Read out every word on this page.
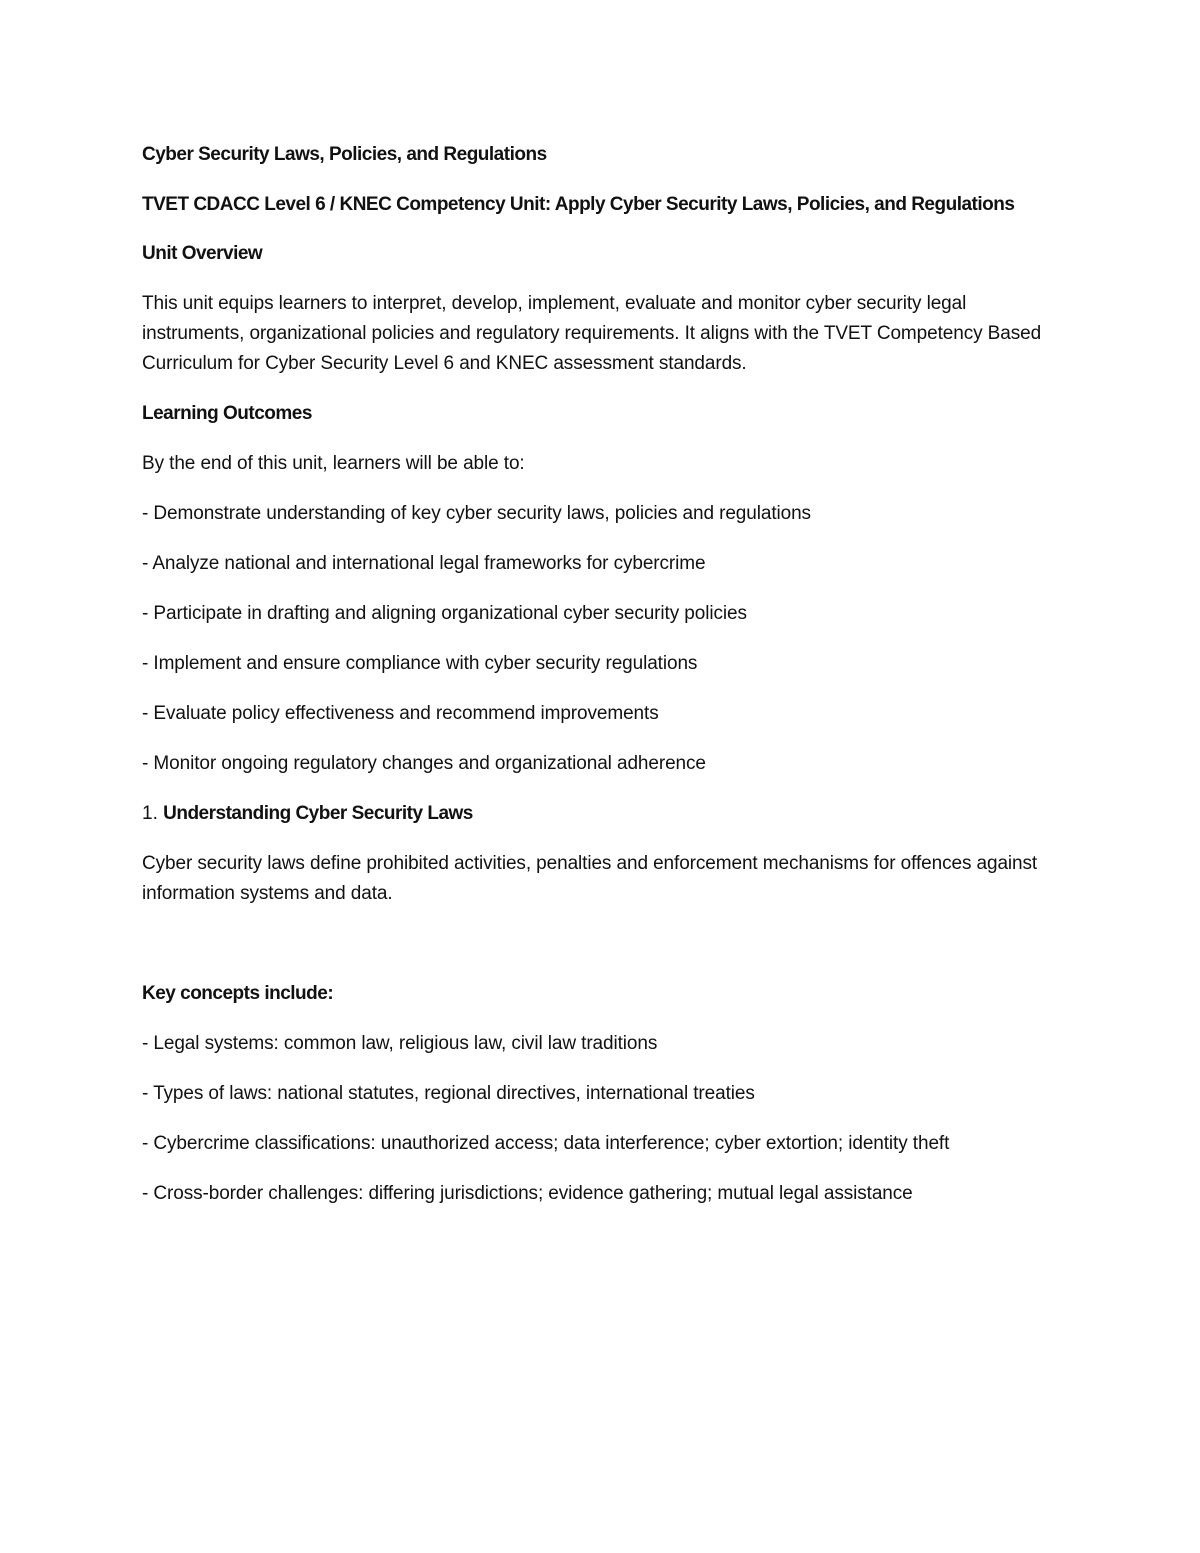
Cyber Security Laws, Policies, and Regulations
TVET CDACC Level 6 / KNEC Competency Unit: Apply Cyber Security Laws, Policies, and Regulations
Unit Overview

This unit equips learners to interpret, develop, implement, evaluate and monitor cyber security legal instruments, organizational policies and regulatory requirements. It aligns with the TVET Competency Based Curriculum for Cyber Security Level 6 and KNEC assessment standards.

Learning Outcomes

By the end of this unit, learners will be able to:

- Demonstrate understanding of key cyber security laws, policies and regulations
- Analyze national and international legal frameworks for cybercrime
- Participate in drafting and aligning organizational cyber security policies
- Implement and ensure compliance with cyber security regulations
- Evaluate policy effectiveness and recommend improvements
- Monitor ongoing regulatory changes and organizational adherence
1. Understanding Cyber Security Laws

Cyber security laws define prohibited activities, penalties and enforcement mechanisms for offences against information systems and data.

Key concepts include:
- Legal systems: common law, religious law, civil law traditions
- Types of laws: national statutes, regional directives, international treaties
- Cybercrime classifications: unauthorized access; data interference; cyber extortion; identity theft
- Cross-border challenges: differing jurisdictions; evidence gathering; mutual legal assistance
